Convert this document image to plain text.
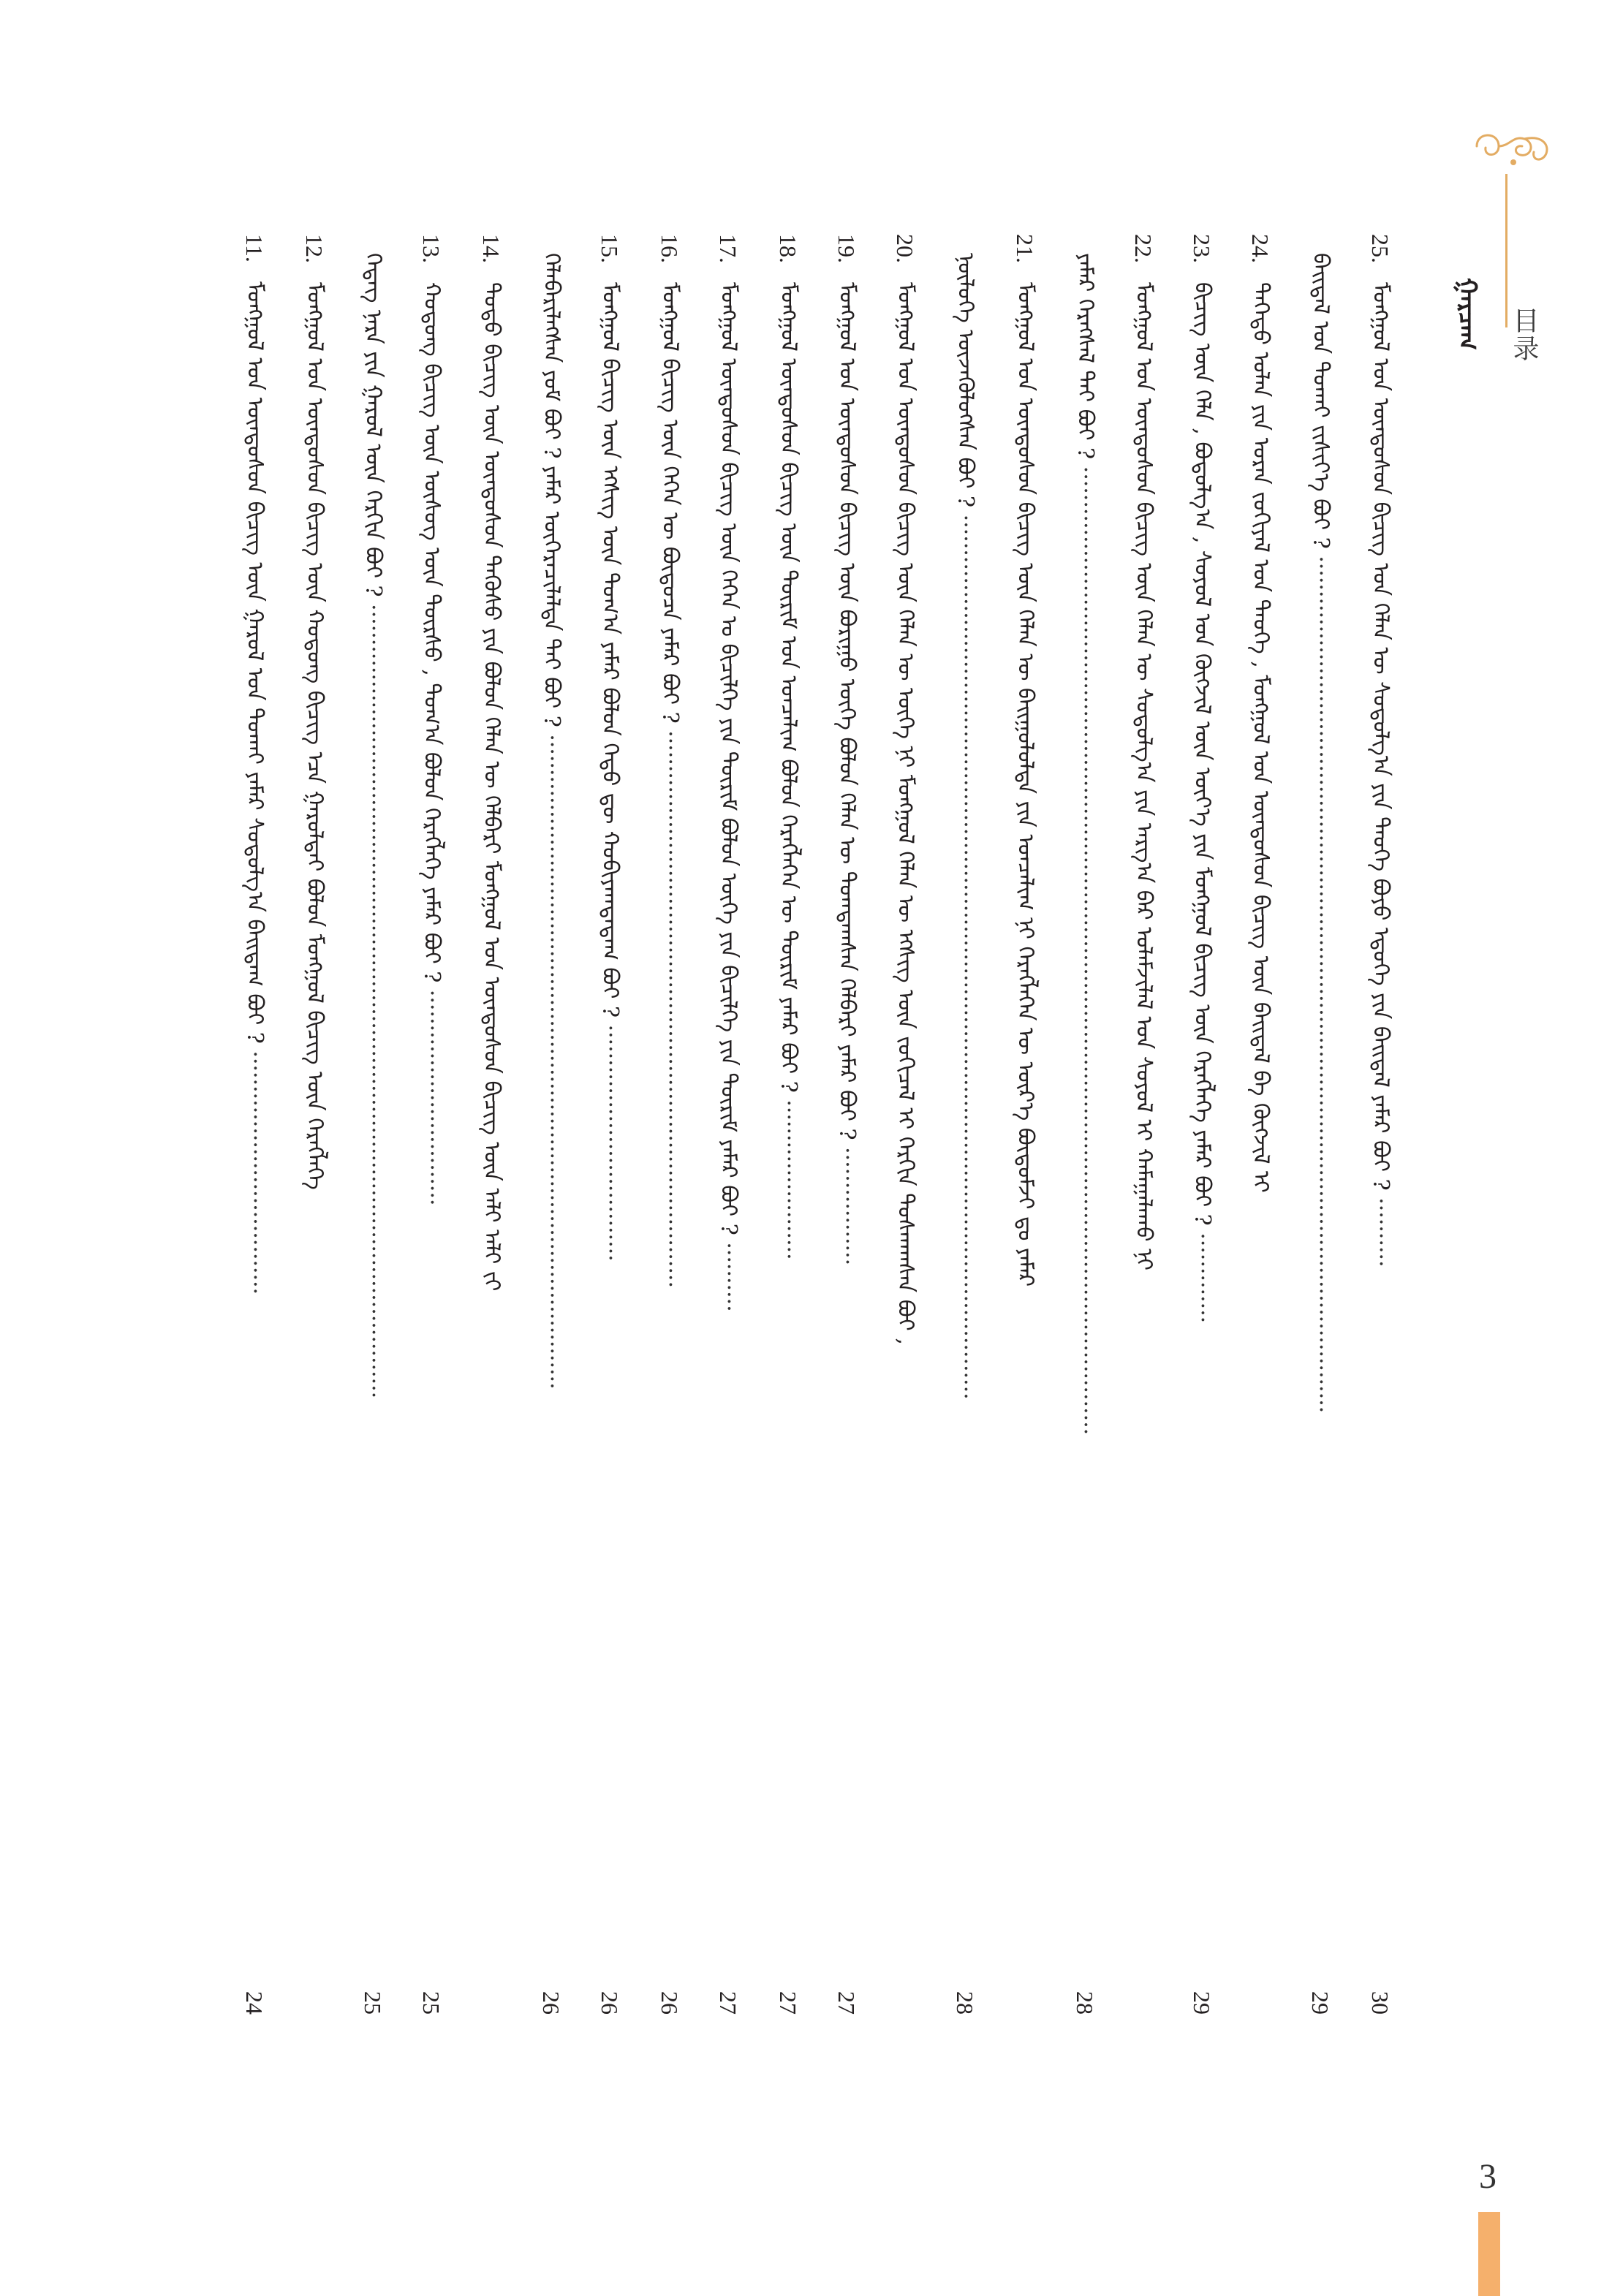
目录
ᠭᠠᠷᠴᠠᠭ
25.ᠮᠣᠩᠭᠣᠯ ᠤᠨ ᠦᠨᠳᠦᠰᠦᠨ ᠪᠢᠴᠢᠭ ᠤᠨ ᠬᠡᠯᠡᠨ ᠦ ᠰᠤᠳᠤᠯᠭ᠎ᠠ ᠶᠢᠨ ᠲᠡᠦᠬᠡ ᠪᠤᠶᠤ ᠡᠳᠦᠭᠡ ᠶᠢᠨ ᠪᠠᠢᠳᠠᠯ ᠶᠠᠮᠠᠷ ᠪᠤᠢ ? ··········
30
ᠪᠠᠢᠳᠠᠯ ᠤᠨ ᠲᠤᠬᠠᠢ ᠵᠢᠰᠢᠶ᠎ᠡ ᠪᠤᠢ ? ···························································································································
29
24.ᠳᠡᠭᠡᠳᠦ ᠣᠯᠠᠨ ᠶᠢᠨ ᠤᠷᠠᠨ ᠵᠣᠬᠢᠶᠠᠯ ᠤᠨ ᠲᠡᠦᠬᠡ , ᠮᠣᠩᠭᠣᠯ ᠤᠨ ᠦᠨᠳᠦᠰᠦᠨ ᠪᠢᠴᠢᠭ ᠦᠨ ᠪᠠᠢᠳᠠᠯ ᠪᠠ ᠬᠥᠭᠵᠢᠯ ᠢ
23.ᠪᠢᠴᠢᠭ ᠦᠨ ᠬᠡᠯᠡ , ᠪᠤᠳᠤᠯᠭ᠎ᠠ , ᠰᠣᠶᠣᠯ ᠤᠨ ᠬᠥᠭᠵᠢᠯ ᠦᠨ ᠦᠶ᠎ᠡ ᠶᠢᠨ ᠮᠣᠩᠭᠣᠯ ᠪᠢᠴᠢᠭ ᠦᠨ ᠬᠡᠷᠡᠭᠯᠡᠭᠡ ᠶᠠᠮᠠᠷ ᠪᠤᠢ ? ·············
29
22.ᠮᠣᠩᠭᠣᠯ ᠤᠨ ᠦᠨᠳᠦᠰᠦᠨ ᠪᠢᠴᠢᠭ ᠦᠨ ᠬᠡᠯᠡᠨ ᠦ ᠰᠤᠳᠤᠯᠭ᠎ᠠ ᠶᠢᠨ ᠠᠷᠭ᠎ᠠ ᠪᠠᠷ ᠤᠯᠠᠮᠵᠢᠯᠠᠯ ᠤᠨ ᠰᠣᠶᠣᠯ ᠢ ᠬᠠᠮᠠᠭᠠᠯᠠᠬᠤ ᠨᠢ
ᠶᠠᠮᠠᠷ ᠬᠡᠷᠡᠭᠰᠡᠯ ᠲᠠᠢ ᠪᠤᠢ ? ···········································································································································
28
21.ᠮᠣᠩᠭᠣᠯ ᠤᠨ ᠦᠨᠳᠦᠰᠦᠨ ᠪᠢᠴᠢᠭ ᠦᠨ ᠬᠡᠯᠡᠨ ᠦ ᠪᠠᠢᠭᠤᠯᠤᠯᠲᠠ ᠶᠢᠨ ᠣᠨᠴᠠᠯᠢᠭ ᠨᠢ ᠬᠡᠷᠡᠭᠯᠡᠭᠡᠨ ᠦ ᠦᠷ᠎ᠡ ᠪᠦᠲᠦᠮᠵᠢ ᠳᠤ ᠶᠠᠮᠠᠷ
ᠨᠥᠯᠦᠭᠡ ᠦᠵᠡᠭᠦᠯᠦᠭᠰᠡᠨ ᠪᠤᠢ ? ·······························································································································
28
20.ᠮᠣᠩᠭᠣᠯ ᠤᠨ ᠦᠨᠳᠦᠰᠦᠨ ᠪᠢᠴᠢᠭ ᠦᠨ ᠬᠡᠯᠡᠨ ᠦ ᠦᠭᠡ ᠨᠢ ᠮᠣᠩᠭᠣᠯ ᠬᠡᠯᠡᠨ ᠦ ᠡᠭᠰᠢᠭ ᠦᠨ ᠵᠣᠬᠢᠴᠠᠯ ᠢ ᠬᠡᠷᠬᠢᠨ ᠲᠤᠰᠬᠠᠭᠰᠠᠨ ᠪᠤᠢ ,
19.ᠮᠣᠩᠭᠣᠯ ᠤᠨ ᠦᠨᠳᠦᠰᠦᠨ ᠪᠢᠴᠢᠭ ᠦᠨ ᠪᠤᠷᠢᠭᠤ ᠦᠭᠡ ᠪᠣᠯᠤᠨ ᠬᠡᠯᠡᠨ ᠦ ᠲᠣᠭᠲᠠᠭᠰᠠᠨ ᠬᠡᠯᠪᠡᠷᠢ ᠶᠠᠮᠠᠷ ᠪᠤᠢ ? ·················
27
18.ᠮᠣᠩᠭᠣᠯ ᠦᠨᠳᠦᠰᠦᠨ ᠪᠢᠴᠢᠭ ᠦᠨ ᠳᠦᠷᠢᠮ ᠤᠨ ᠣᠨᠴᠠᠯᠢᠭ ᠪᠣᠯᠤᠨ ᠬᠡᠷᠡᠭᠯᠡᠭᠡᠨ ᠦ ᠳᠦᠷᠢᠮ ᠶᠠᠮᠠᠷ ᠪᠤᠢ ? ·······················
27
17.ᠮᠣᠩᠭᠣᠯ ᠦᠨᠳᠦᠰᠦᠨ ᠪᠢᠴᠢᠭ ᠦᠨ ᠭᠡᠭᠡᠨ ᠤ ᠪᠢᠴᠢᠯᠭᠡ ᠶᠢᠨ ᠳᠦᠷᠢᠮ ᠪᠣᠯᠤᠨ ᠦᠭᠡ ᠶᠢᠨ ᠪᠢᠴᠢᠯᠭᠡ ᠶᠢᠨ ᠳᠦᠷᠢᠮ ᠶᠠᠮᠠᠷ ᠪᠤᠢ ? ··········
27
16.ᠮᠣᠩᠭᠣᠯ ᠪᠢᠴᠢᠭ ᠦᠨ ᠭᠡᠭᠡᠨ ᠦ ᠪᠦᠲᠦᠴᠡ ᠶᠠᠮᠠᠷ ᠪᠤᠢ ? ················································································
26
15.ᠮᠣᠩᠭᠣᠯ ᠪᠢᠴᠢᠭ ᠦᠨ ᠡᠭᠰᠢᠭ ᠦᠨ ᠲᠣᠭ᠎ᠠ ᠶᠠᠮᠠᠷ ᠪᠣᠯᠣᠨ ᠬᠡᠳᠦ ᠳᠦ ᠬᠤᠪᠢᠶᠠᠭᠳᠠᠳᠠᠭ ᠪᠤᠢ ? ··································
26
ᠬᠡᠯᠡᠪᠡᠷᠢᠯᠡᠭᠰᠡᠨ ᠶᠤᠮ ᠪᠤᠢ ? ᠶᠠᠮᠠᠷ ᠥᠭᠡᠷᠡᠴᠢᠯᠡᠯᠲᠡ ᠲᠠᠢ ᠪᠤᠢ ? ······························································································
26
14.ᠲᠣᠳᠣ ᠪᠢᠴᠢᠭ ᠦᠨ ᠦᠨᠳᠦᠰᠦᠨ ᠲᠡᠭᠦᠰᠦ ᠶᠢᠨ ᠪᠣᠯᠤᠨ ᠬᠡᠯᠡᠨ ᠦ ᠬᠡᠯᠪᠡᠷᠢ ᠮᠣᠩᠭᠣᠯ ᠤᠨ ᠦᠨᠳᠦᠰᠦᠨ ᠪᠢᠴᠢᠭ ᠦᠨ ᠠᠯᠢ ᠠᠯᠢ ᠵᠢ
13.ᠬᠣᠲᠣᠩ ᠪᠢᠴᠢᠭ ᠦᠨ ᠦᠰᠦᠭ ᠦᠨ ᠳᠦᠷᠰᠦ , ᠲᠣᠭ᠎ᠠ ᠪᠣᠯᠤᠨ ᠬᠡᠷᠡᠭᠯᠡᠭᠡ ᠶᠠᠮᠠᠷ ᠪᠤᠢ ? ·······························
25
ᠭᠡᠳᠡᠭ ᠨᠡᠷᠡ ᠶᠢᠨ ᠭᠠᠷᠤᠯ ᠦᠨ ᠬᠡᠷᠬᠢᠨ ᠪᠤᠢ ? ··················································································································
25
12.ᠮᠣᠩᠭᠣᠯ ᠤᠨ ᠦᠨᠳᠦᠰᠦᠨ ᠪᠢᠴᠢᠭ ᠦᠨ ᠬᠣᠲᠣᠩ ᠪᠢᠴᠢᠭ ᠡᠴᠡ ᠭᠠᠷᠤᠯᠲᠠᠢ ᠪᠣᠯᠣᠨ ᠮᠣᠩᠭᠣᠯ ᠪᠢᠴᠢᠭ ᠦᠨ ᠬᠡᠷᠡᠭᠯᠡᠭᠡ
11.ᠮᠣᠩᠭᠣᠯ ᠤᠨ ᠦᠨᠳᠦᠰᠦᠨ ᠪᠢᠴᠢᠭ ᠦᠨ ᠭᠠᠷᠤᠯ ᠤᠨ ᠲᠤᠬᠠᠢ ᠶᠠᠮᠠᠷ ᠰᠤᠳᠤᠯᠭ᠎ᠠ ᠪᠠᠢᠳᠠᠭ ᠪᠤᠢ ? ···································
24
3
